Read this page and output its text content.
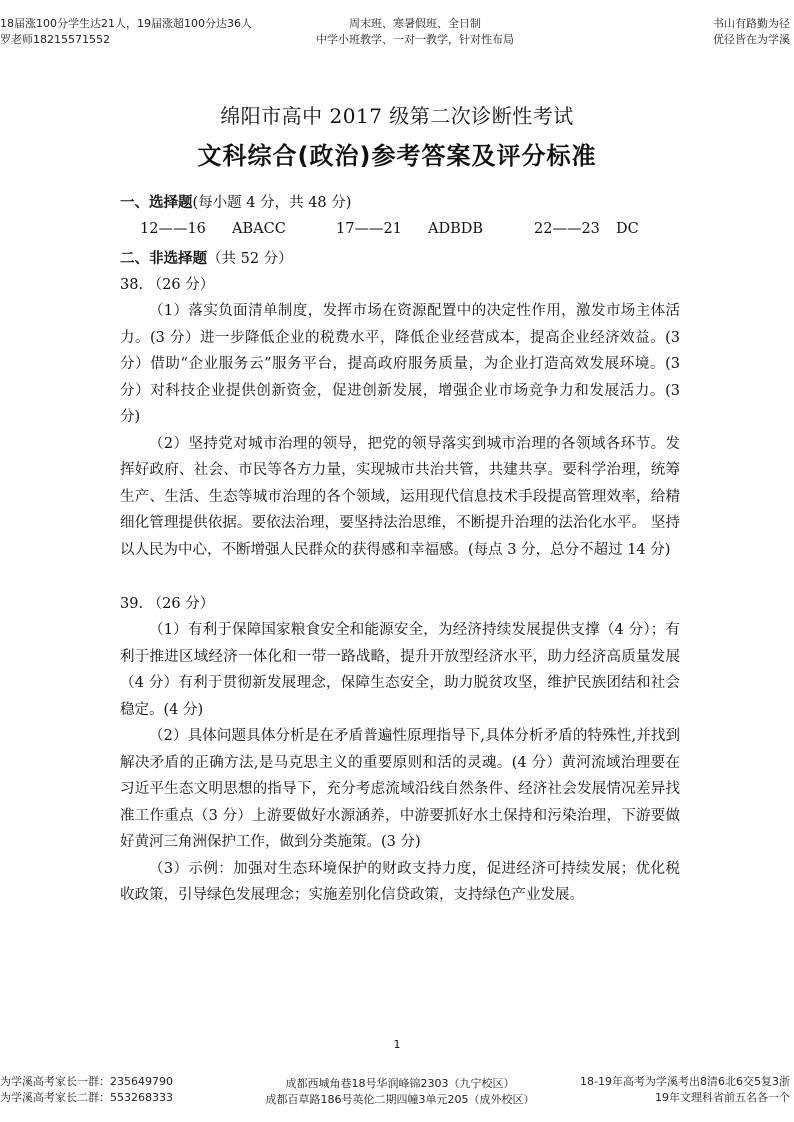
18届涨100分学生达21人，19届涨超100分达36人
罗老师18215571552
周末班、寒暑假班、全日制
中学小班教学、一对一教学，针对性布局
书山有路勤为径
优径皆在为学溪
绵阳市高中 2017 级第二次诊断性考试
文科综合(政治)参考答案及评分标准
一、选择题(每小题 4 分，共 48 分)
12——16 ABACC	17——21 ADBDB	22——23 DC
二、非选择题（共 52 分）
38. （26 分）
（1）落实负面清单制度，发挥市场在资源配置中的决定性作用，激发市场主体活力。(3 分）进一步降低企业的税费水平，降低企业经营成本，提高企业经济效益。(3 分）借助“企业服务云”服务平台，提高政府服务质量，为企业打造高效发展环境。(3 分）对科技企业提供创新资金，促进创新发展，增强企业市场竞争力和发展活力。(3 分)
（2）坚持党对城市治理的领导，把党的领导落实到城市治理的各领域各环节。发挥好政府、社会、市民等各方力量，实现城市共治共管，共建共享。要科学治理，统筹生产、生活、生态等城市治理的各个领域，运用现代信息技术手段提高管理效率，给精细化管理提供依据。要依法治理，要坚持法治思维，不断提升治理的法治化水平。 坚持以人民为中心，不断增强人民群众的获得感和幸福感。(每点 3 分，总分不超过 14 分)
39. （26 分）
（1）有利于保障国家粮食安全和能源安全，为经济持续发展提供支撑（4 分）；有利于推进区域经济一体化和一带一路战略，提升开放型经济水平，助力经济高质量发展（4 分）有利于贯彻新发展理念，保障生态安全，助力脱贫攻坚，维护民族团结和社会稳定。(4 分)
（2）具体问题具体分析是在矛盾普遍性原理指导下,具体分析矛盾的特殊性,并找到解决矛盾的正确方法,是马克思主义的重要原则和活的灵魂。(4 分）黄河流域治理要在习近平生态文明思想的指导下，充分考虑流域沿线自然条件、经济社会发展情况差异找准工作重点（3 分）上游要做好水源涵养，中游要抓好水土保持和污染治理，下游要做好黄河三角洲保护工作，做到分类施策。(3 分)
（3）示例：加强对生态环境保护的财政支持力度，促进经济可持续发展；优化税收政策，引导绿色发展理念；实施差别化信贷政策，支持绿色产业发展。
1
为学溪高考家长一群：235649790
为学溪高考家长二群：553268333
成都西城角巷18号华润峰锦2303（九宁校区）
成都百草路186号英伦二期四幢3单元205（成外校区）
18-19年高考为学溪考出8清6北6交5复3浙
19年文理科省前五名各一个
